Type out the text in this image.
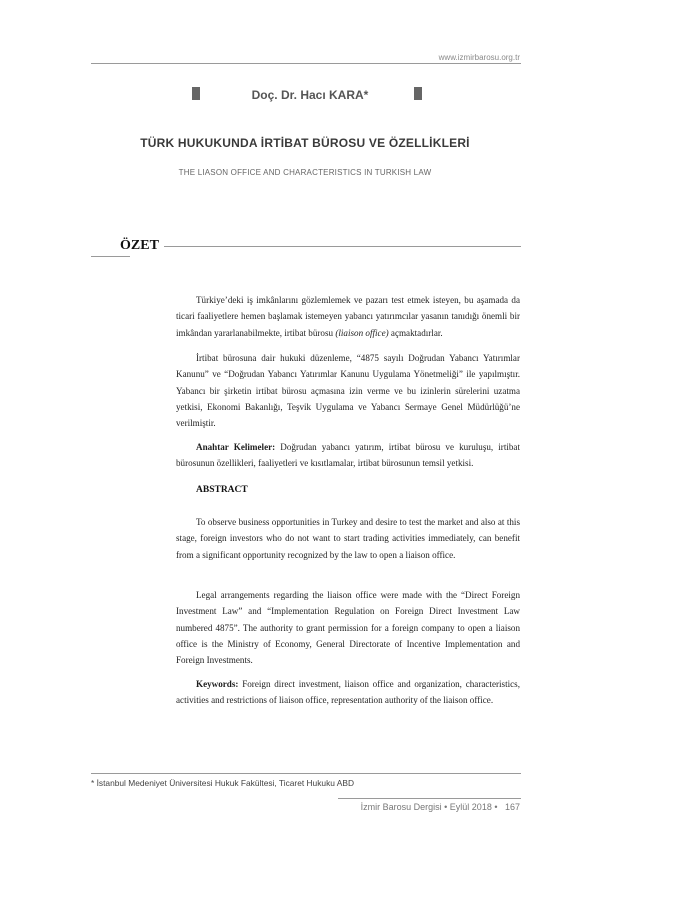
www.izmirbarosu.org.tr
Doç. Dr. Hacı KARA*
TÜRK HUKUKUNDA İRTİBAT BÜROSU VE ÖZELLİKLERİ
THE LIASON OFFICE AND CHARACTERISTICS IN TURKISH LAW
ÖZET

Türkiye’deki iş imkânlarını gözlemlemek ve pazarı test etmek isteyen, bu aşamada da ticari faaliyetlere hemen başlamak istemeyen yabancı yatırımcılar yasanın tanıdığı önemli bir imkândan yararlanabilmekte, irtibat bürosu (liaison office) açmaktadırlar.

İrtibat bürosuna dair hukuki düzenleme, “4875 sayılı Doğrudan Yabancı Yatırımlar Kanunu” ve “Doğrudan Yabancı Yatırımlar Kanunu Uygulama Yönetmeliği” ile yapılmıştır. Yabancı bir şirketin irtibat bürosu açmasına izin verme ve bu izinlerin sürelerini uzatma yetkisi, Ekonomi Bakanlığı, Teşvik Uygulama ve Yabancı Sermaye Genel Müdürlüğü’ne verilmiştir.

Anahtar Kelimeler: Doğrudan yabancı yatırım, irtibat bürosu ve kuruluşu, irtibat bürosunun özellikleri, faaliyetleri ve kısıtlamalar, irtibat bürosunun temsil yetkisi.

ABSTRACT

To observe business opportunities in Turkey and desire to test the market and also at this stage, foreign investors who do not want to start trading activities immediately, can benefit from a significant opportunity recognized by the law to open a liaison office.

Legal arrangements regarding the liaison office were made with the “Direct Foreign Investment Law” and “Implementation Regulation on Foreign Direct Investment Law numbered 4875”. The authority to grant permission for a foreign company to open a liaison office is the Ministry of Economy, General Directorate of Incentive Implementation and Foreign Investments.

Keywords: Foreign direct investment, liaison office and organization, characteristics, activities and restrictions of liaison office, representation authority of the liaison office.

* İstanbul Medeniyet Üniversitesi Hukuk Fakültesi, Ticaret Hukuku ABD
İzmir Barosu Dergisi • Eylül 2018 •   167
